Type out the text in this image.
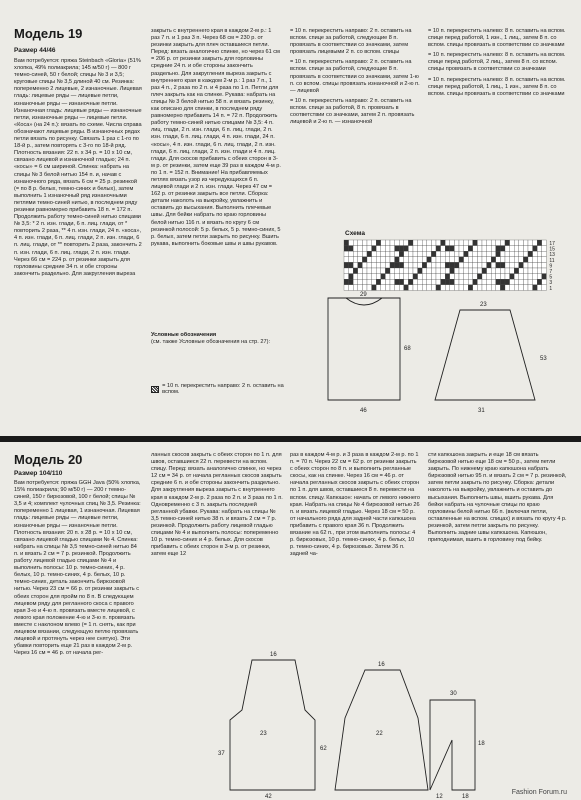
Модель 19
Размер 44/46

Вам потребуется: пряжа Steinbach «Gloria» (51% хлопка, 49% полиакрила; 145 м/50 г) — 800 г темно-синей, 50 г белой; спицы № 3 и 3,5; круговые спицы № 3,5 длиной 40 см. Резинка: попеременно 2 лицевые, 2 изнаночные. Лицевая гладь: лицевые ряды — лицевые петли, изнаночные ряды — изнаночные петли. Изнаночная гладь: лицевые ряды — изнаночные петли, изнаночные ряды — лицевые петли. «Коса» (на 24 п.): вязать по схеме. Числа справа обозначают лицевые ряды. В изнаночных рядах петли вязать по рисунку. Связать 1 раз с 1-го по 18-й р., затем повторять с 3-го по 18-й ряд. Плотность вязания: 22 п. х 34 р. = 10 х 10 см, связано лицевой и изнаночной гладью; 24 п. «косы» = 6 см шириной. Спинка: набрать на спицы № 3 белой нитью 154 п. и, начав с изнаночного ряда, вязать 6 см = 25 р. резинкой (= по 8 р. белых, темно-синих и белых), затем выполнить 1 изнаночный ряд изнаночными петлями темно-синей нитью, в последнем ряду резинки равномерно прибавить 18 п. = 172 п. Продолжить работу темно-синей нитью спицами № 3,5: * 2 п. изн. глади, 6 п. лиц. глади, от * повторить 2 раза, ** 4 п. изн. глади, 24 п. «коса», 4 п. изн. глади, 6 п. лиц. глади, 2 п. изн. глади, 6 п. лиц. глади, от ** повторить 2 раза, закончить 2 п. изн. глади, 6 п. лиц. глади, 2 п. изн. глади. Через 66 см = 224 р. от резинки закрыть для горловины средние 34 п. и обе стороны закончить раздельно. Для закругления выреза

закрыть с внутреннего края в каждом 2-м р.: 1 раз 7 п. и 1 раз 3 п. Через 68 см = 230 р. от резинки закрыть для плеч оставшиеся петли. Перед: вязать аналогично спинке, но через 61 см = 206 р. от резинки закрыть для горловины средние 24 п. и обе стороны закончить раздельно. Для закругления выреза закрыть с внутреннего края в каждом 2-м р.: 1 раз 7 п., 1 раз 4 п., 2 раза по 2 п. и 4 раза по 1 п. Петли для плеч закрыть как на спинке. Рукава: набрать на спицы № 3 белой нитью 58 п. и вязать резинку, как описано для спинки, в последнем ряду равномерно прибавить 14 п. = 72 п. Продолжить работу темно-синей нитью спицами № 3,5: 4 п. лиц. глади, 2 п. изн. глади, 6 п. лиц. глади, 2 п. изн. глади, 6 п. лиц. глади, 4 п. изн. глади, 24 п. «косы», 4 п. изн. глади, 6 п. лиц. глади, 2 п. изн. глади, 6 п. лиц. глади, 2 п. изн. глади и 4 п. лиц. глади. Для скосов прибавить с обеих сторон в 3-м р. от резинки, затем еще 39 раз в каждом 4-м р. по 1 п. = 152 п. Внимание! На прибавляемых петлях вязать узор из чередующихся 6 п. лицевой глади и 2 п. изн. глади. Через 47 см = 162 р. от резинки закрыть все петли. Сборка: детали наколоть на выкройку, увлажнить и оставить до высыхания. Выполнить плечевые швы. Для бейки набрать по краю горловины белой нитью 116 п. и вязать по кругу 6 см резинкой полосой: 5 р. белых, 5 р. темно-синих, 5 р. белых, затем петли закрыть по рисунку. Вшить рукава, выполнить боковые швы и швы рукавов.

Условные обозначения

(см. также Условные обозначения на стр. 27):

= 10 п. перекрестить направо: 2 п. оставить на вспом.

= 10 п. перекрестить направо: 2 п. оставить на вспом. спице за работой, следующие 8 п. провязать в соответствии со значками, затем провязать лицевыми 2 п. со вспом. спицы

= 10 п. перекрестить направо: 2 п. оставить на вспом. спице за работой, следующие 8 п. провязать в соответствии со значками, затем 1-ю п. со вспом. спицы провязать изнаночной и 2-ю п. — лицевой

= 10 п. перекрестить направо: 2 п. оставить на вспом. спице за работой, 8 п. провязать в соответствии со значками, затем 2 п. провязать лицевой и 2-ю п. — изнаночной

= 10 п. перекрестить налево: 8 п. оставить на вспом. спице перед работой, 1 изн., 1 лиц., затем 8 п. со вспом. спицы провязать в соответствии со значками

= 10 п. перекрестить налево: 8 п. оставить на вспом. спице перед работой, 2 лиц., затем 8 п. со вспом. спицы провязать в соответствии со значками

= 10 п. перекрестить налево: 8 п. оставить на вспом. спице перед работой, 1 лиц., 1 изн., затем 8 п. со вспом. спицы провязать в соответствии со значками

Схема
17
15
13
11
9
7
5
3
1
29
68
46
23
53
31
Модель 20
Размер 104/110

Вам потребуется: пряжа GGH Java (50% хлопка, 15% полиакрила; 90 м/50 г) — 200 г темно-синей, 150 г бирюзовой, 100 г белой; спицы № 3,5 и 4; комплект чулочных спиц № 3,5. Резинка: попеременно 1 лицевая, 1 изнаночная. Лицевая гладь: лицевые ряды — лицевые петли, изнаночные ряды — изнаночные петли. Плотность вязания: 20 п. х 28 р. = 10 х 10 см, связано лицевой гладью спицами № 4. Спинка: набрать на спицы № 3,5 темно-синей нитью 84 п. и вязать 2 см = 7 р. резинкой. Продолжить работу лицевой гладью спицами № 4 и выполнить полосы: 10 р. темно-синих, 4 р. белых, 10 р. темно-синих, 4 р. белых, 10 р. темно-синих, деталь закончить бирюзовой нитью. Через 23 см = 66 р. от резинки закрыть с обеих сторон для пройм по 8 п. В следующем лицевом ряду для регланного скоса с правого края 3-ю и 4-ю п. провязать вместе лицевой, с левого края положение 4-ю и 3-ю п. провязать вместе с наклоном влево (= 1 п. снять, как при лицевом вязании, следующую петлю провязать лицевой и протянуть через нее снятую). Эти убавки повторить еще 21 раз в каждом 2-м р. Через 16 см = 46 р. от начала рег-

ланных скосов закрыть с обеих сторон по 1 п. для швов, оставшиеся 22 п. перевести на вспом. спицу. Перед: вязать аналогично спинке, но через 12 см = 34 р. от начала регланных скосов закрыть средние 6 п. и обе стороны закончить раздельно. Для закругления выреза закрыть с внутреннего края в каждом 2-м р. 2 раза по 2 п. и 3 раза по 1 п. Одновременно с 3 п. закрыть последней регланной убавки. Рукава: набрать на спицы № 3,5 темно-синей нитью 38 п. и вязать 2 см = 7 р. резинкой. Продолжить работу лицевой гладью спицами № 4 и выполнить полосы: попеременно 10 р. темно-синих и 4 р. белых. Для скосов прибавить с обеих сторон в 3-м р. от резинки, затем еще 12

раз в каждом 4-м р. и 3 раза в каждом 2-м р. по 1 п. = 70 п. Через 22 см = 62 р. от резинки закрыть с обеих сторон по 8 п. и выполнить регланные скосы, как на спинке. Через 16 см = 46 р. от начала регланных скосов закрыть с обеих сторон по 1 п. для швов, оставшиеся 8 п. перевести на вспом. спицу. Капюшон: начать от левого нижнего края. Набрать на спицы № 4 бирюзовой нитью 26 п. и вязать лицевой гладью. Через 18 см = 50 р. от начального ряда для задней части капюшона прибавить с правого края 36 п. Продолжить вязание на 62 п., при этом выполнить полосы: 4 р. бирюзовых, 10 р. темно-синих, 4 р. белых, 10 р. темно-синих, 4 р. бирюзовых. Затем 36 п. задней ча-

сти капюшона закрыть и еще 18 см вязать бирюзовой нитью еще 18 см = 50 р., затем петли закрыть. По нижнему краю капюшона набрать бирюзовой нитью 95 п. и вязать 2 см = 7 р. резинкой, затем петли закрыть по рисунку. Сборка: детали наколоть на выкройку, увлажнить и оставить до высыхания. Выполнить швы, вшить рукава. Для бейки набрать на чулочные спицы по краю горловины белой нитью 66 п. (включая петли, оставленные на вспом. спицах) и вязать по кругу 4 р. резинкой, затем петли закрыть по рисунку. Выполнить задние швы капюшона. Капюшон, приподнимая, вшить в горловину под бейку.

16
37
23
42
62
16
22
30
18
12	18
Fashion Forum.ru
